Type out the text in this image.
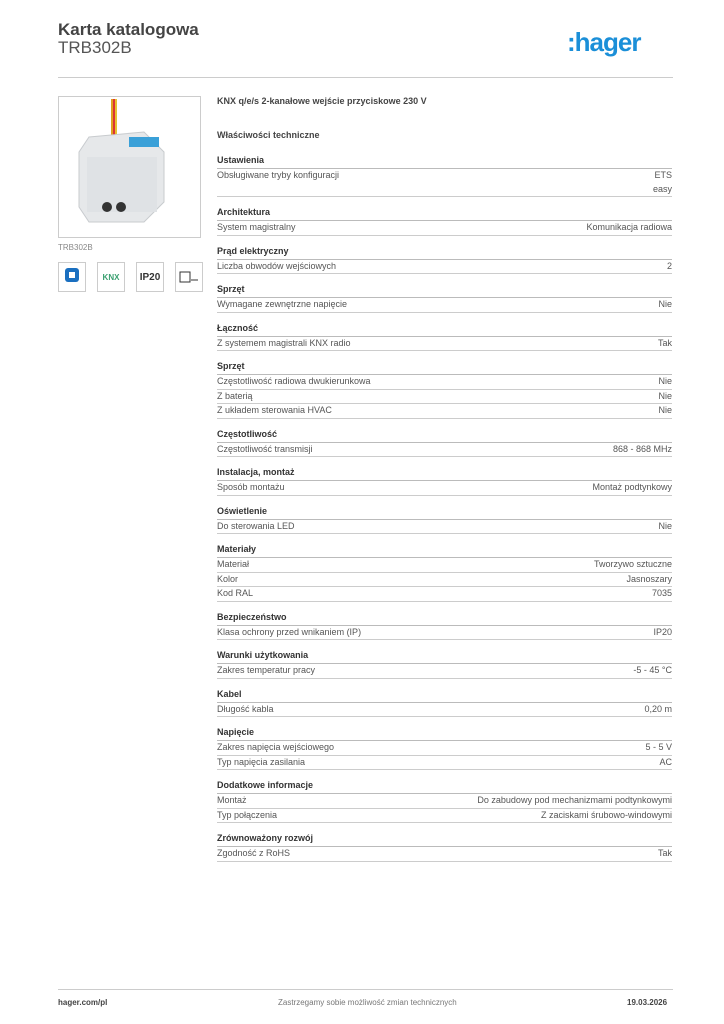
Karta katalogowa
TRB302B	:hager
TRB302B
KNX	IP20
KNX q/e/s 2-kanałowe wejście przyciskowe 230 V
Właściwości techniczne
Ustawienia
Obsługiwane tryby konfiguracji	ETS
easy
Architektura
System magistralny	Komunikacja radiowa
Prąd elektryczny
Liczba obwodów wejściowych	2
Sprzęt
Wymagane zewnętrzne napięcie	Nie
Łączność
Z systemem magistrali KNX radio	Tak
Sprzęt
Częstotliwość radiowa dwukierunkowa	Nie
Z baterią	Nie
Z układem sterowania HVAC	Nie
Częstotliwość
Częstotliwość transmisji	868 - 868 MHz
Instalacja, montaż
Sposób montażu	Montaż podtynkowy
Oświetlenie
Do sterowania LED	Nie
Materiały
Materiał	Tworzywo sztuczne
Kolor	Jasnoszary
Kod RAL	7035
Bezpieczeństwo
Klasa ochrony przed wnikaniem (IP)	IP20
Warunki użytkowania
Zakres temperatur pracy	-5 - 45 °C
Kabel
Długość kabla	0,20 m
Napięcie
Zakres napięcia wejściowego	5 - 5 V
Typ napięcia zasilania	AC
Dodatkowe informacje
Montaż	Do zabudowy pod mechanizmami podtynkowymi
Typ połączenia	Z zaciskami śrubowo-windowymi
Zrównoważony rozwój
Zgodność z RoHS	Tak
hager.com/pl	Zastrzegamy sobie możliwość zmian technicznych	19.03.2026
